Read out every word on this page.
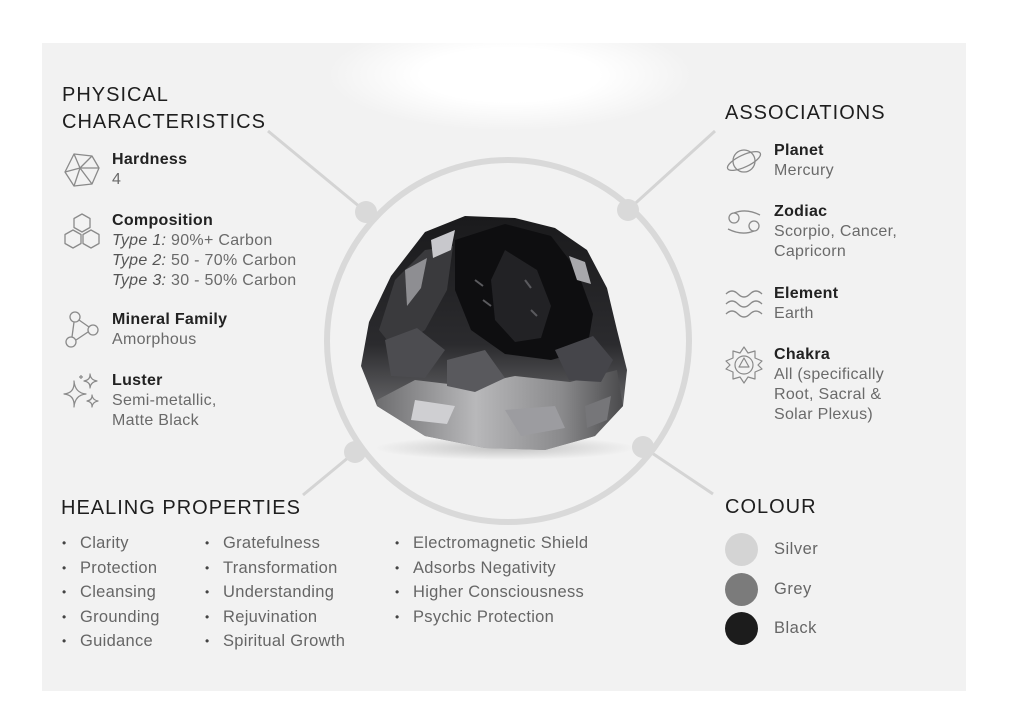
PHYSICAL
CHARACTERISTICS
Hardness
4
Composition
Type 1: 90%+ Carbon
Type 2: 50 - 70% Carbon
Type 3: 30 - 50% Carbon
Mineral Family
Amorphous
Luster
Semi-metallic,
Matte Black
ASSOCIATIONS
Planet
Mercury
Zodiac
Scorpio, Cancer,
Capricorn
Element
Earth
Chakra
All (specifically
Root, Sacral &
Solar Plexus)
HEALING PROPERTIES
• Clarity
• Protection
• Cleansing
• Grounding
• Guidance
• Gratefulness
• Transformation
• Understanding
• Rejuvination
• Spiritual Growth
• Electromagnetic Shield
• Adsorbs Negativity
• Higher Consciousness
• Psychic Protection
COLOUR
Silver
Grey
Black
